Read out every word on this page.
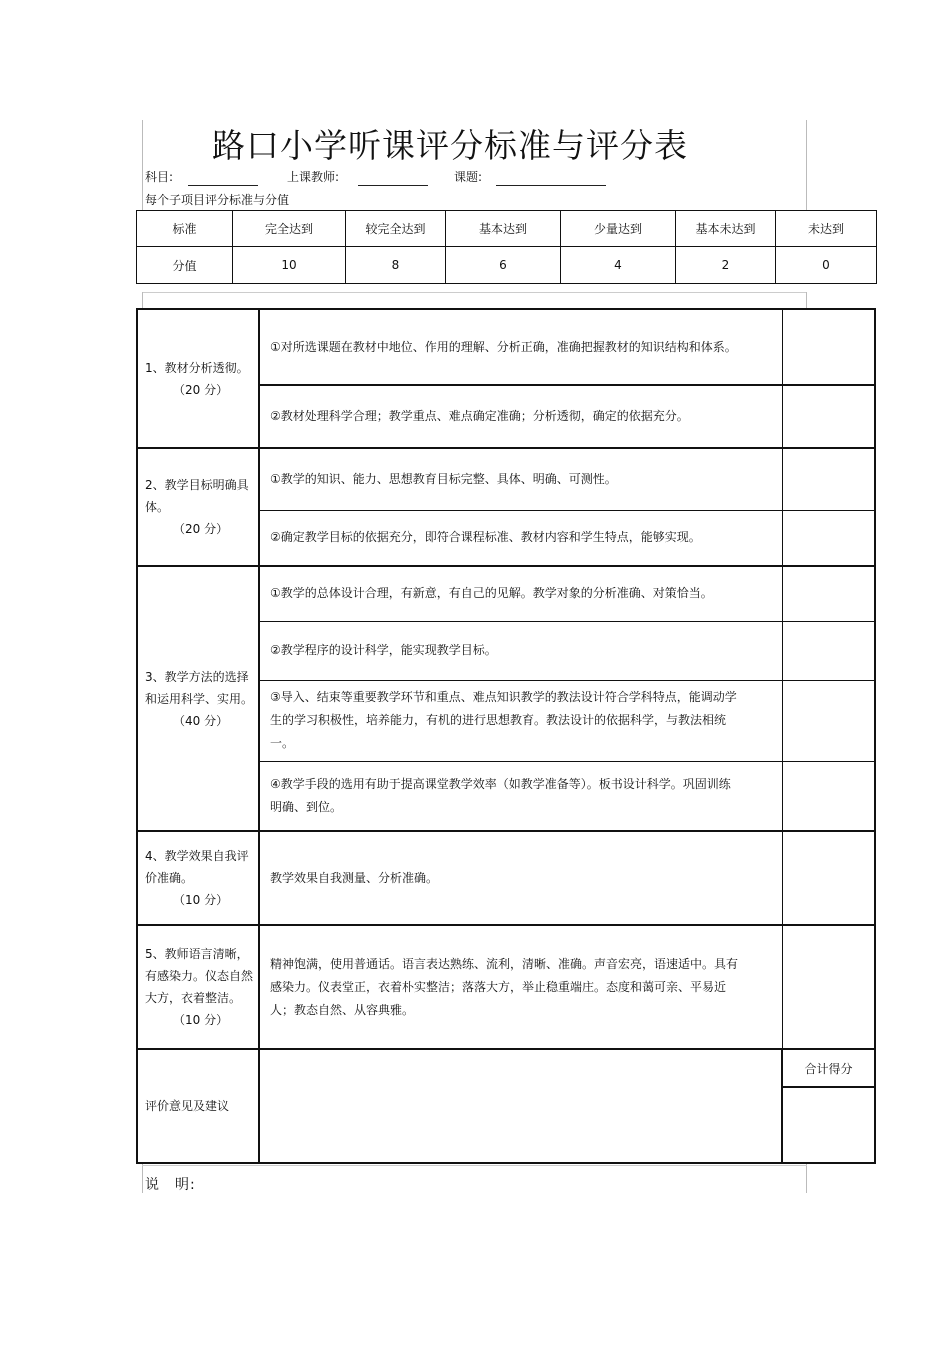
路口小学听课评分标准与评分表
科目:	上课教师:	课题:
每个子项目评分标准与分值
标准	完全达到	较完全达到	基本达到	少量达到	基本未达到	未达到
分值	10	8	6	4	2	0
1、教材分析透彻。
（20 分）	①对所选课题在教材中地位、作用的理解、分析正确，准确把握教材的知识结构和体系。	

	②教材处理科学合理；教学重点、难点确定准确；分析透彻，确定的依据充分。	

2、教学目标明确具体。
（20 分）	①教学的知识、能力、思想教育目标完整、具体、明确、可测性。	

	②确定教学目标的依据充分，即符合课程标准、教材内容和学生特点，能够实现。	

3、教学方法的选择和运用科学、实用。
（40 分）	①教学的总体设计合理，有新意，有自己的见解。教学对象的分析准确、对策恰当。	

	②教学程序的设计科学，能实现教学目标。	

	③导入、结束等重要教学环节和重点、难点知识教学的教法设计符合学科特点，能调动学生的学习积极性，培养能力，有机的进行思想教育。教法设计的依据科学，与教法相统一。	

	④教学手段的选用有助于提高课堂教学效率（如教学准备等）。板书设计科学。巩固训练明确、到位。	

4、教学效果自我评价准确。
（10 分）	教学效果自我测量、分析准确。	

5、教师语言清晰，有感染力。仪态自然大方，衣着整洁。
（10 分）	精神饱满，使用普通话。语言表达熟练、流利，清晰、准确。声音宏亮，语速适中。具有感染力。仪表堂正，衣着朴实整洁；落落大方，举止稳重端庄。态度和蔼可亲、平易近人；教态自然、从容典雅。	

评价意见及建议		合计得分

说　明:
